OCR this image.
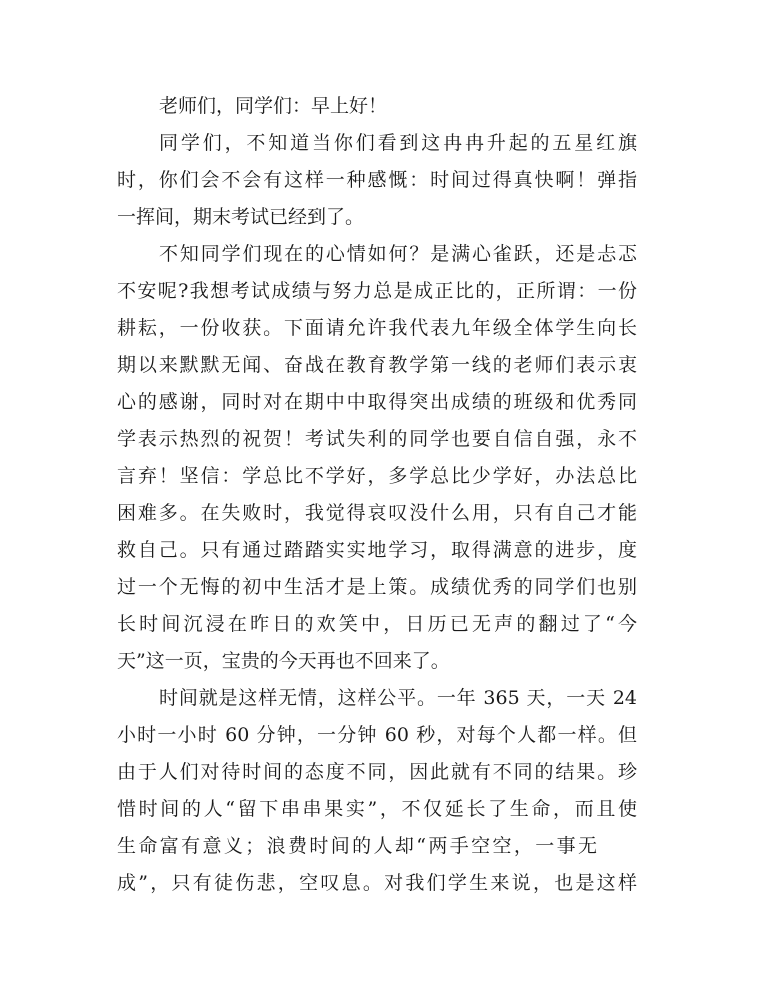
老师们，同学们：早上好！
同学们，不知道当你们看到这冉冉升起的五星红旗
时，你们会不会有这样一种感慨：时间过得真快啊！弹指
一挥间，期末考试已经到了。
不知同学们现在的心情如何？是满心雀跃，还是忐忑
不安呢?我想考试成绩与努力总是成正比的，正所谓：一份
耕耘，一份收获。下面请允许我代表九年级全体学生向长
期以来默默无闻、奋战在教育教学第一线的老师们表示衷
心的感谢，同时对在期中中取得突出成绩的班级和优秀同
学表示热烈的祝贺！考试失利的同学也要自信自强，永不
言弃！坚信：学总比不学好，多学总比少学好，办法总比
困难多。在失败时，我觉得哀叹没什么用，只有自己才能
救自己。只有通过踏踏实实地学习，取得满意的进步，度
过一个无悔的初中生活才是上策。成绩优秀的同学们也别
长时间沉浸在昨日的欢笑中，日历已无声的翻过了“今
天”这一页，宝贵的今天再也不回来了。
时间就是这样无情，这样公平。一年 365 天，一天 24
小时一小时 60 分钟，一分钟 60 秒，对每个人都一样。但
由于人们对待时间的态度不同，因此就有不同的结果。珍
惜时间的人“留下串串果实”，不仅延长了生命，而且使
生命富有意义；浪费时间的人却“两手空空，一事无
成”，只有徒伤悲，空叹息。对我们学生来说，也是这样
